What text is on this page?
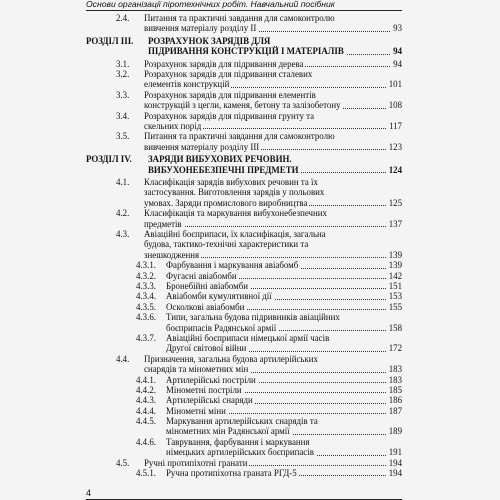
Основи організації піротехнічних робіт. Навчальний посібник
2.4. Питання та практичні завдання для самоконтролю
вивчення матеріалу розділу ІІ	93
РОЗДІЛ ІІІ. РОЗРАХУНОК ЗАРЯДІВ ДЛЯ
ПІДРИВАННЯ КОНСТРУКЦІЙ І МАТЕРІАЛІВ	94
3.1. Розрахунок зарядів для підривання дерева	94
3.2. Розрахунок зарядів для підривання сталевих
елементів конструкцій	101
3.3. Розрахунок зарядів для підривання елементів
конструкцій з цегли, каменя, бетону та залізобетону	108
3.4. Розрахунок зарядів для підривання грунту та
скельних порід	117
3.5. Питання та практичні завдання для самоконтролю
вивчення матеріалу розділу ІІІ	123
РОЗДІЛ ІV. ЗАРЯДИ ВИБУХОВИХ РЕЧОВИН.
ВИБУХОНЕБЕЗПЕЧНІ ПРЕДМЕТИ	124
4.1. Класифікація зарядів вибухових речовин та їх
застосування. Виготовлення зарядів у польових
умовах. Заряди промислового виробництва	125
4.2. Класифікація та маркування вибухонебезпечних
предметів	137
4.3. Авіаційні боєприпаси, їх класифікація, загальна
будова, тактико-технічні характеристики та
знешкодження	139
4.3.1. Фарбування і маркування авіабомб	139
4.3.2. Фугасні авіабомби	142
4.3.3. Бронебійні авіабомби	151
4.3.4. Авіабомби кумулятивної дії	153
4.3.5. Осколкові авіабомби	155
4.3.6. Типи, загальна будова підривників авіаційних
боєприпасів Радянської армії	158
4.3.7. Авіаційні боєприпаси німецької армії часів
Другої світової війни	172
4.4. Призначення, загальна будова артилерійських
снарядів та мінометних мін	183
4.4.1. Артилерійські постріли	183
4.4.2. Мінометні постріли	185
4.4.3. Артилерійські снаряди	186
4.4.4. Мінометні міни	187
4.4.5. Маркування артилерійських снарядів та
мінометних мін Радянської армії	189
4.4.6. Таврування, фарбування і маркування
німецьких артилерійських боєприпасів	191
4.5. Ручні протипіхотні гранати	194
4.5.1. Ручна протипіхотна граната РГД-5	194
4
